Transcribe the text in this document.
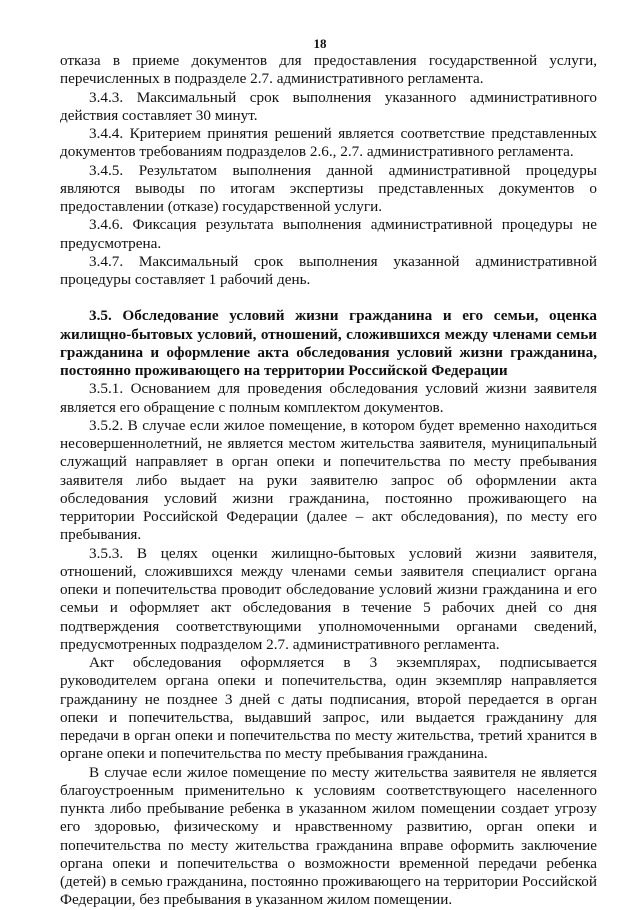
18

отказа в приеме документов для предоставления государственной услуги, перечисленных в подразделе 2.7. административного регламента.

3.4.3. Максимальный срок выполнения указанного административного действия составляет 30 минут.

3.4.4. Критерием принятия решений является соответствие представленных документов требованиям подразделов 2.6., 2.7. административного регламента.

3.4.5. Результатом выполнения данной административной процедуры являются выводы по итогам экспертизы представленных документов о предоставлении (отказе) государственной услуги.

3.4.6. Фиксация результата выполнения административной процедуры не предусмотрена.

3.4.7. Максимальный срок выполнения указанной административной процедуры составляет 1 рабочий день.

3.5. Обследование условий жизни гражданина и его семьи, оценка жилищно-бытовых условий, отношений, сложившихся между членами семьи гражданина и оформление акта обследования условий жизни гражданина, постоянно проживающего на территории Российской Федерации

3.5.1. Основанием для проведения обследования условий жизни заявителя является его обращение с полным комплектом документов.

3.5.2. В случае если жилое помещение, в котором будет временно находиться несовершеннолетний, не является местом жительства заявителя, муниципальный служащий направляет в орган опеки и попечительства по месту пребывания заявителя либо выдает на руки заявителю запрос об оформлении акта обследования условий жизни гражданина, постоянно проживающего на территории Российской Федерации (далее – акт обследования), по месту его пребывания.

3.5.3. В целях оценки жилищно-бытовых условий жизни заявителя, отношений, сложившихся между членами семьи заявителя специалист органа опеки и попечительства проводит обследование условий жизни гражданина и его семьи и оформляет акт обследования в течение 5 рабочих дней со дня подтверждения соответствующими уполномоченными органами сведений, предусмотренных подразделом 2.7. административного регламента.

Акт обследования оформляется в 3 экземплярах, подписывается руководителем органа опеки и попечительства, один экземпляр направляется гражданину не позднее 3 дней с даты подписания, второй передается в орган опеки и попечительства, выдавший запрос, или выдается гражданину для передачи в орган опеки и попечительства по месту жительства, третий хранится в органе опеки и попечительства по месту пребывания гражданина.

В случае если жилое помещение по месту жительства заявителя не является благоустроенным применительно к условиям соответствующего населенного пункта либо пребывание ребенка в указанном жилом помещении создает угрозу его здоровью, физическому и нравственному развитию, орган опеки и попечительства по месту жительства гражданина вправе оформить заключение органа опеки и попечительства о возможности временной передачи ребенка (детей) в семью гражданина, постоянно проживающего на территории Российской Федерации, без пребывания в указанном жилом помещении.
